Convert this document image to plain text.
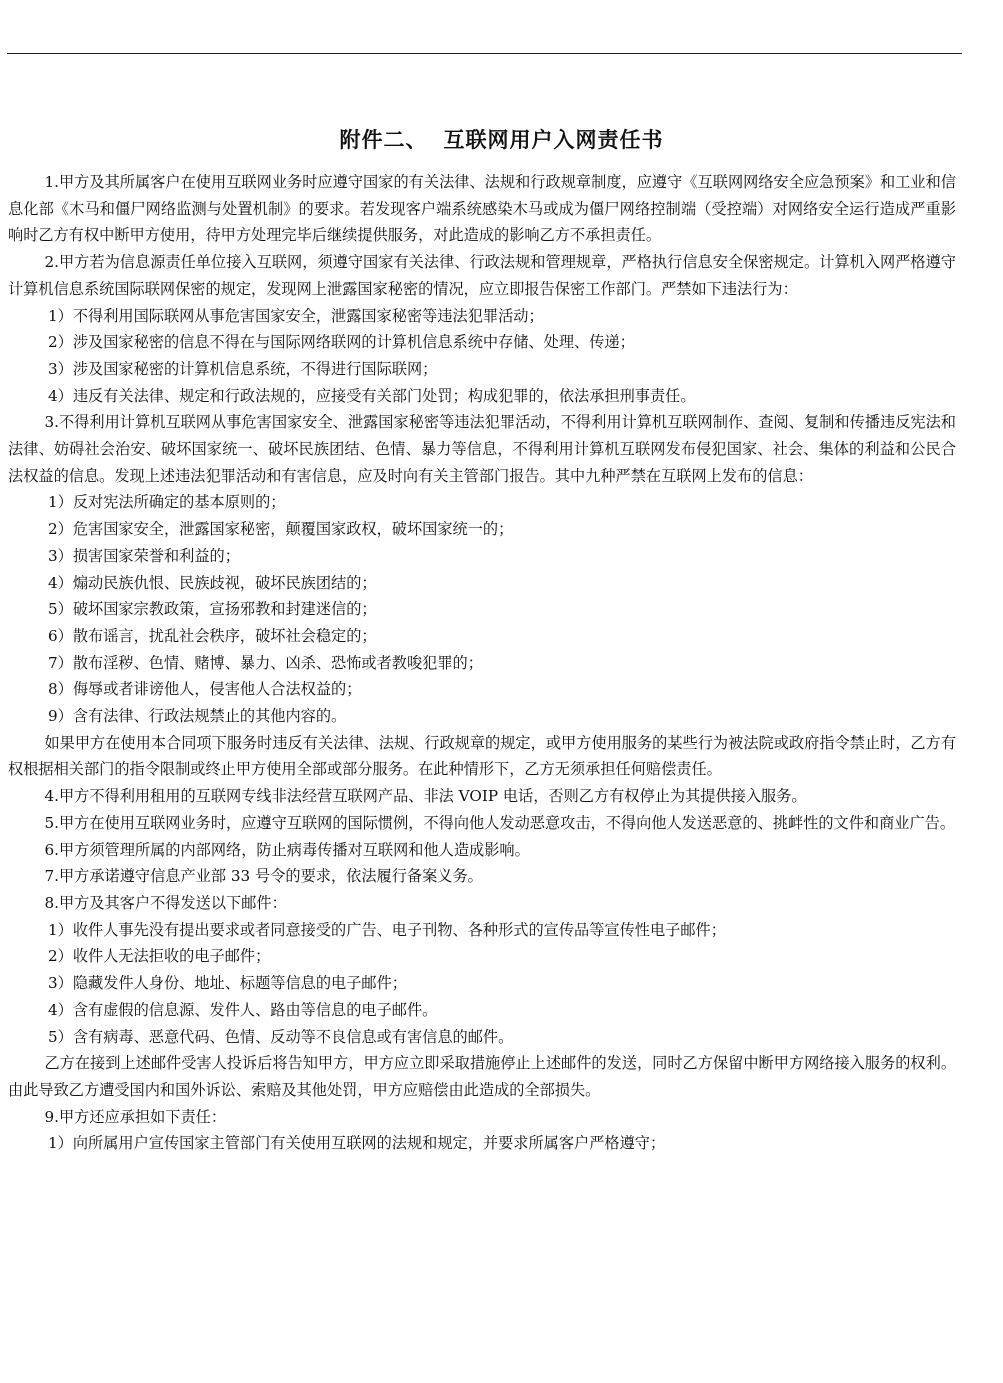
附件二、 互联网用户入网责任书

1.甲方及其所属客户在使用互联网业务时应遵守国家的有关法律、法规和行政规章制度，应遵守《互联网网络安全应急预案》和工业和信息化部《木马和僵尸网络监测与处置机制》的要求。若发现客户端系统感染木马或成为僵尸网络控制端（受控端）对网络安全运行造成严重影响时乙方有权中断甲方使用，待甲方处理完毕后继续提供服务，对此造成的影响乙方不承担责任。

2.甲方若为信息源责任单位接入互联网，须遵守国家有关法律、行政法规和管理规章，严格执行信息安全保密规定。计算机入网严格遵守计算机信息系统国际联网保密的规定，发现网上泄露国家秘密的情况，应立即报告保密工作部门。严禁如下违法行为：

1）不得利用国际联网从事危害国家安全，泄露国家秘密等违法犯罪活动；

2）涉及国家秘密的信息不得在与国际网络联网的计算机信息系统中存储、处理、传递；

3）涉及国家秘密的计算机信息系统，不得进行国际联网；

4）违反有关法律、规定和行政法规的，应接受有关部门处罚；构成犯罪的，依法承担刑事责任。

3.不得利用计算机互联网从事危害国家安全、泄露国家秘密等违法犯罪活动，不得利用计算机互联网制作、查阅、复制和传播违反宪法和法律、妨碍社会治安、破坏国家统一、破坏民族团结、色情、暴力等信息，不得利用计算机互联网发布侵犯国家、社会、集体的利益和公民合法权益的信息。发现上述违法犯罪活动和有害信息，应及时向有关主管部门报告。其中九种严禁在互联网上发布的信息：

1）反对宪法所确定的基本原则的；

2）危害国家安全，泄露国家秘密，颠覆国家政权，破坏国家统一的；

3）损害国家荣誉和利益的；

4）煽动民族仇恨、民族歧视，破坏民族团结的；

5）破坏国家宗教政策，宣扬邪教和封建迷信的；

6）散布谣言，扰乱社会秩序，破坏社会稳定的；

7）散布淫秽、色情、赌博、暴力、凶杀、恐怖或者教唆犯罪的；

8）侮辱或者诽谤他人，侵害他人合法权益的；

9）含有法律、行政法规禁止的其他内容的。

如果甲方在使用本合同项下服务时违反有关法律、法规、行政规章的规定，或甲方使用服务的某些行为被法院或政府指令禁止时，乙方有权根据相关部门的指令限制或终止甲方使用全部或部分服务。在此种情形下，乙方无须承担任何赔偿责任。

4.甲方不得利用租用的互联网专线非法经营互联网产品、非法 VOIP 电话，否则乙方有权停止为其提供接入服务。

5.甲方在使用互联网业务时，应遵守互联网的国际惯例，不得向他人发动恶意攻击，不得向他人发送恶意的、挑衅性的文件和商业广告。

6.甲方须管理所属的内部网络，防止病毒传播对互联网和他人造成影响。

7.甲方承诺遵守信息产业部 33 号令的要求，依法履行备案义务。

8.甲方及其客户不得发送以下邮件：

1）收件人事先没有提出要求或者同意接受的广告、电子刊物、各种形式的宣传品等宣传性电子邮件；

2）收件人无法拒收的电子邮件；

3）隐藏发件人身份、地址、标题等信息的电子邮件；

4）含有虚假的信息源、发件人、路由等信息的电子邮件。

5）含有病毒、恶意代码、色情、反动等不良信息或有害信息的邮件。

乙方在接到上述邮件受害人投诉后将告知甲方，甲方应立即采取措施停止上述邮件的发送，同时乙方保留中断甲方网络接入服务的权利。由此导致乙方遭受国内和国外诉讼、索赔及其他处罚，甲方应赔偿由此造成的全部损失。

9.甲方还应承担如下责任：

1）向所属用户宣传国家主管部门有关使用互联网的法规和规定，并要求所属客户严格遵守；
